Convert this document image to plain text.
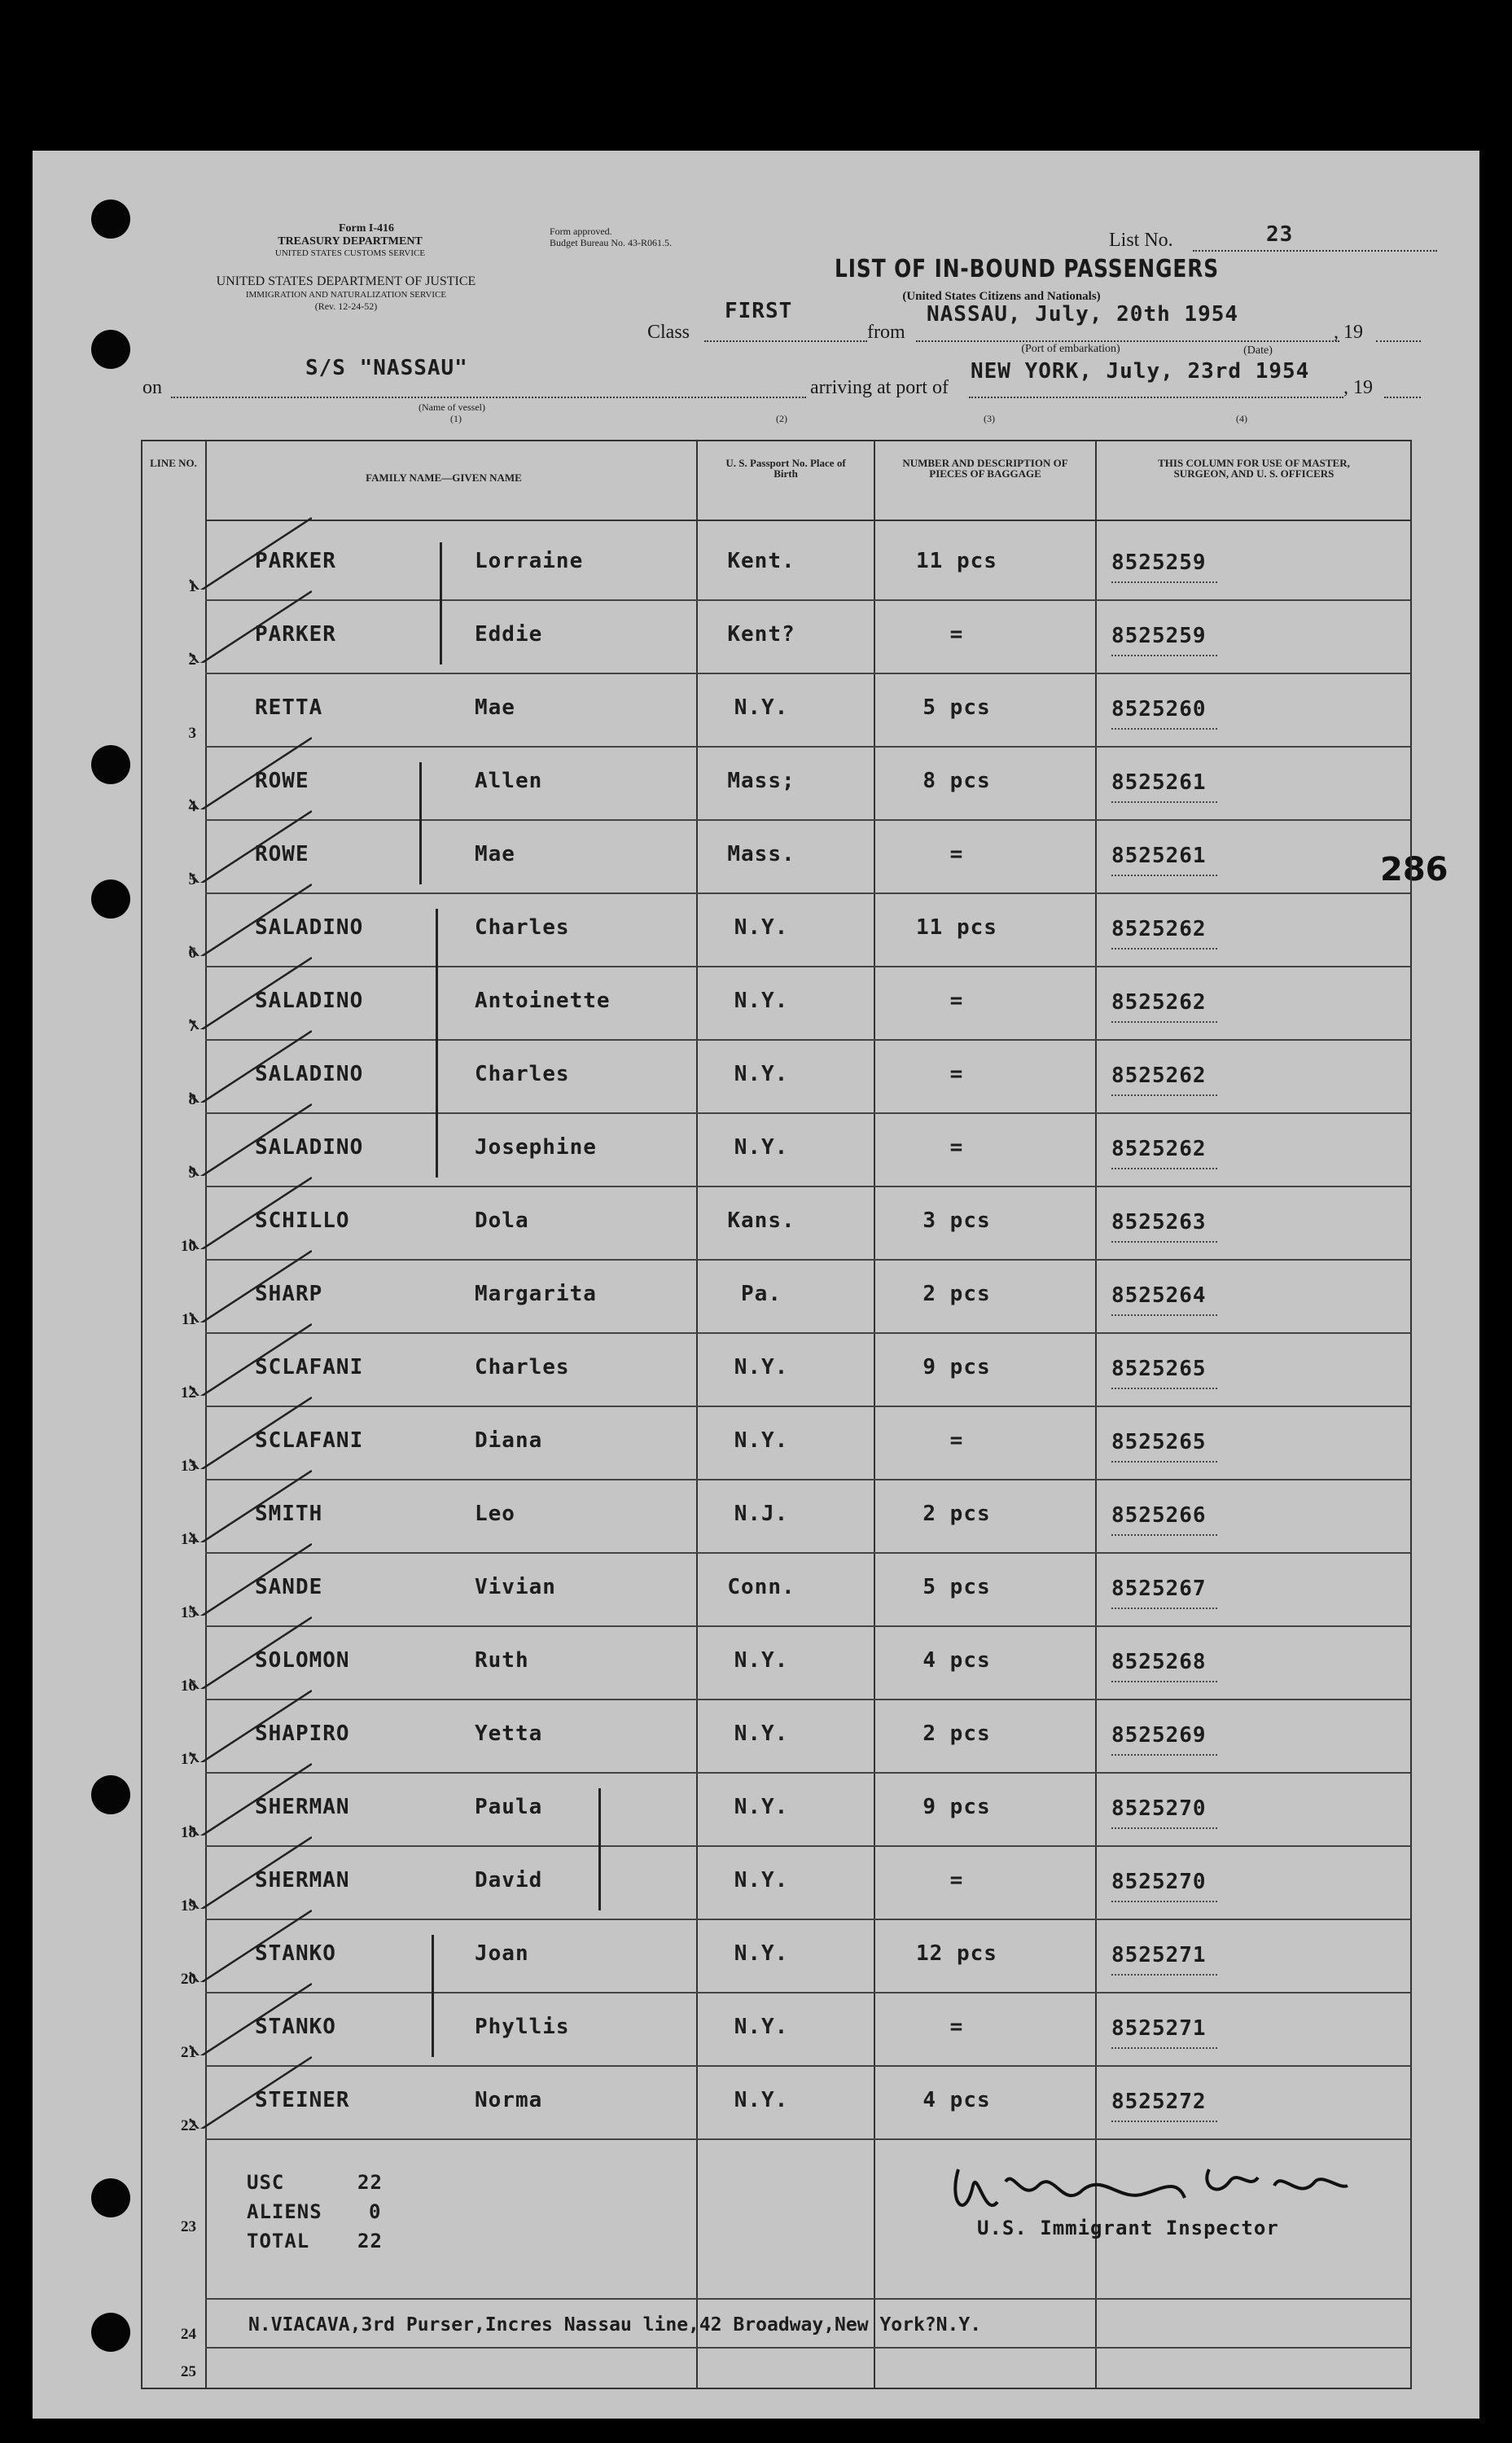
Form I-416
TREASURY DEPARTMENT
UNITED STATES CUSTOMS SERVICE
UNITED STATES DEPARTMENT OF JUSTICE
IMMIGRATION AND NATURALIZATION SERVICE
(Rev. 12-24-52)
Form approved.
Budget Bureau No. 43-R061.5.	List No.	23
LIST OF IN-BOUND PASSENGERS
(United States Citizens and Nationals)
Class
FIRST
from
NASSAU, July, 20th 1954
, 19
(Port of embarkation)	(Date)
on
S/S "NASSAU"
arriving at port of
NEW YORK, July, 23rd 1954
, 19
(Name of vessel)
(1)	(2)	(3)	(4)
286
LINE NO.
FAMILY NAME—GIVEN NAME
U. S. Passport No. Place of Birth
NUMBER AND DESCRIPTION OF PIECES OF BAGGAGE
THIS COLUMN FOR USE OF MASTER, SURGEON, AND U. S. OFFICERS
1
PARKER	Lorraine	Kent.	11 pcs	8525259
2
PARKER	Eddie	Kent?	=	8525259
3
RETTA	Mae	N.Y.	5 pcs	8525260
4
ROWE	Allen	Mass;	8 pcs	8525261
5
ROWE	Mae	Mass.	=	8525261
6
SALADINO	Charles	N.Y.	11 pcs	8525262
7
SALADINO	Antoinette	N.Y.	=	8525262
8
SALADINO	Charles	N.Y.	=	8525262
9
SALADINO	Josephine	N.Y.	=	8525262
10
SCHILLO	Dola	Kans.	3 pcs	8525263
11
SHARP	Margarita	Pa.	2 pcs	8525264
12
SCLAFANI	Charles	N.Y.	9 pcs	8525265
13
SCLAFANI	Diana	N.Y.	=	8525265
14
SMITH	Leo	N.J.	2 pcs	8525266
15
SANDE	Vivian	Conn.	5 pcs	8525267
16
SOLOMON	Ruth	N.Y.	4 pcs	8525268
17
SHAPIRO	Yetta	N.Y.	2 pcs	8525269
18
SHERMAN	Paula	N.Y.	9 pcs	8525270
19
SHERMAN	David	N.Y.	=	8525270
20
STANKO	Joan	N.Y.	12 pcs	8525271
21
STANKO	Phyllis	N.Y.	=	8525271
22
STEINER	Norma	N.Y.	4 pcs	8525272
23
USC	22
ALIENS 0
TOTAL 22
U.S. Immigrant Inspector
24	N.VIACAVA,3rd Purser,Incres Nassau line,42 Broadway,New York?N.Y.
25
